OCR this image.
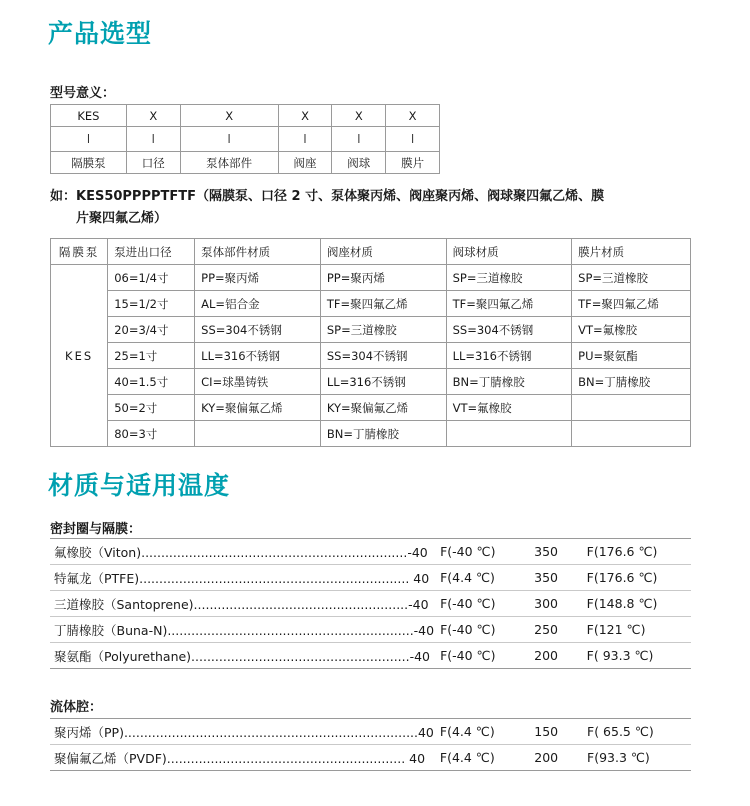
产品选型
型号意义：
KES	X	X	X	X	X
l	l	l	l	l	l
隔膜泵	口径	泵体部件	阀座	阀球	膜片
如：KES50PPPPTFTF（隔膜泵、口径 2 寸、泵体聚丙烯、阀座聚丙烯、阀球聚四氟乙烯、膜
片聚四氟乙烯）
隔膜泵	泵进出口径	泵体部件材质	阀座材质	阀球材质	膜片材质
KES	06=1/4寸	PP=聚丙烯	PP=聚丙烯	SP=三道橡胶	SP=三道橡胶
	15=1/2寸	AL=铝合金	TF=聚四氟乙烯	TF=聚四氟乙烯	TF=聚四氟乙烯
	20=3/4寸	SS=304不锈钢	SP=三道橡胶	SS=304不锈钢	VT=氟橡胶
	25=1寸	LL=316不锈钢	SS=304不锈钢	LL=316不锈钢	PU=聚氨酯
	40=1.5寸	CI=球墨铸铁	LL=316不锈钢	BN=丁腈橡胶	BN=丁腈橡胶
	50=2寸	KY=聚偏氟乙烯	KY=聚偏氟乙烯	VT=氟橡胶	
	80=3寸		BN=丁腈橡胶		
材质与适用温度
密封圈与隔膜：
氟橡胶（Viton)...................................................................-40	F(-40 ℃)	350	F(176.6 ℃)
特氟龙（PTFE).................................................................... 40	F(4.4 ℃)	350	F(176.6 ℃)
三道橡胶（Santoprene)......................................................-40	F(-40 ℃)	300	F(148.8 ℃)
丁腈橡胶（Buna-N)..............................................................-40	F(-40 ℃)	250	F(121 ℃)
聚氨酯（Polyurethane).......................................................-40	F(-40 ℃)	200	F( 93.3 ℃)
流体腔：
聚丙烯（PP)..........................................................................40	F(4.4 ℃)	150	F( 65.5 ℃)
聚偏氟乙烯（PVDF)............................................................ 40	F(4.4 ℃)	200	F(93.3 ℃)
